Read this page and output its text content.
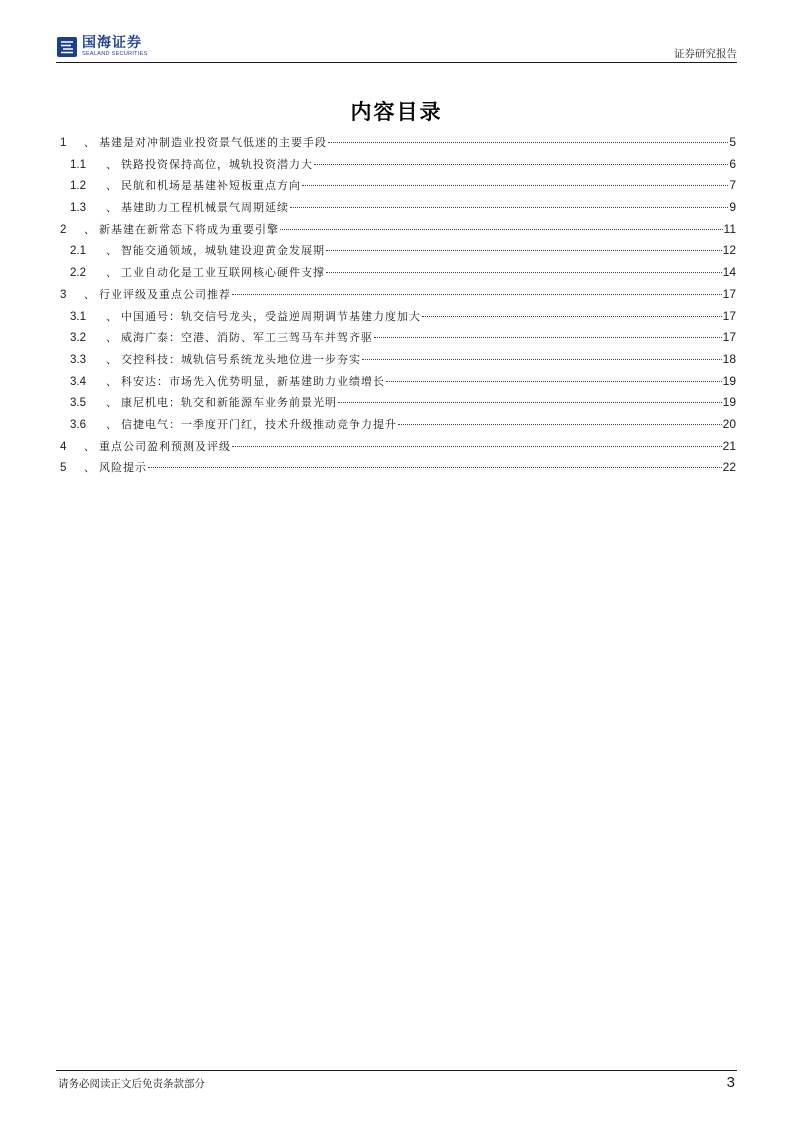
国海证券
SEALAND SECURITIES	证券研究报告
内容目录
1	、 基建是对冲制造业投资景气低迷的主要手段	5
1.1	、 铁路投资保持高位，城轨投资潜力大	6
1.2	、 民航和机场是基建补短板重点方向	7
1.3	、 基建助力工程机械景气周期延续	9
2	、 新基建在新常态下将成为重要引擎	11
2.1	、 智能交通领域，城轨建设迎黄金发展期	12
2.2	、 工业自动化是工业互联网核心硬件支撑	14
3	、 行业评级及重点公司推荐	17
3.1	、 中国通号：轨交信号龙头，受益逆周期调节基建力度加大	17
3.2	、 威海广泰：空港、消防、军工三驾马车并驾齐驱	17
3.3	、 交控科技：城轨信号系统龙头地位进一步夯实	18
3.4	、 科安达：市场先入优势明显，新基建助力业绩增长	19
3.5	、 康尼机电：轨交和新能源车业务前景光明	19
3.6	、 信捷电气：一季度开门红，技术升级推动竞争力提升	20
4	、 重点公司盈利预测及评级	21
5	、 风险提示	22
请务必阅读正文后免责条款部分	3
